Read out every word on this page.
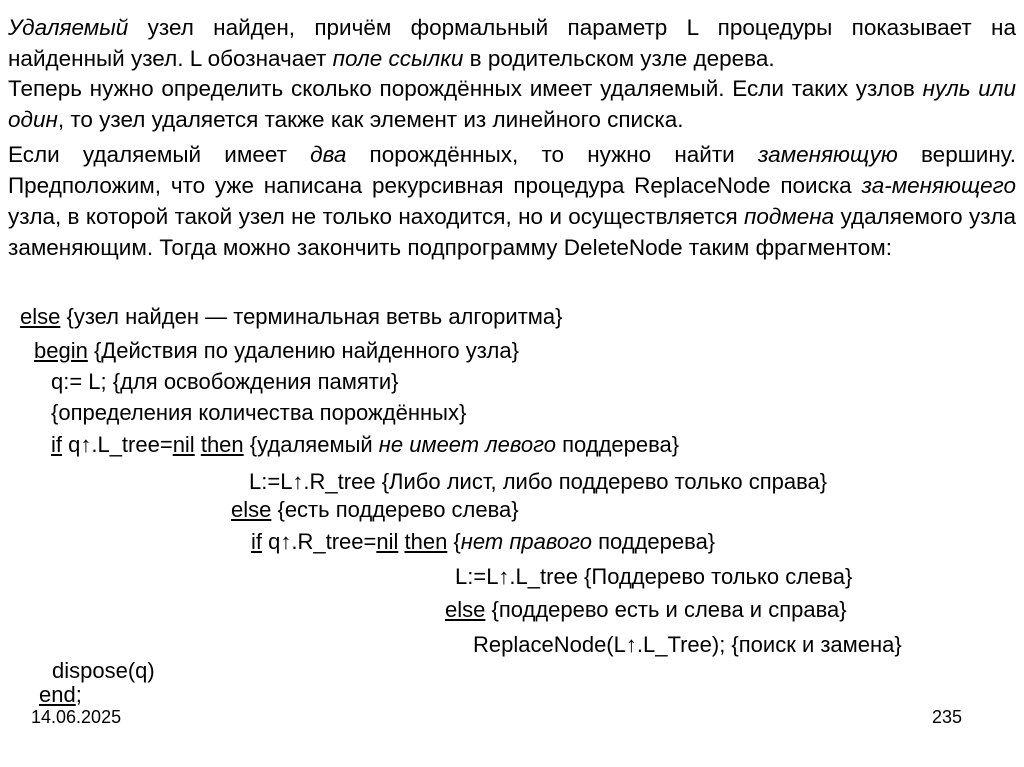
Удаляемый узел найден, причём формальный параметр L процедуры показывает на найденный узел. L обозначает поле ссылки в родительском узле дерева.
Теперь нужно определить сколько порождённых имеет удаляемый. Если таких узлов нуль или один, то узел удаляется также как элемент из линейного списка.
Если удаляемый имеет два порождённых, то нужно найти заменяющую вершину. Предположим, что уже написана рекурсивная процедура ReplaceNode поиска за-меняющего узла, в которой такой узел не только находится, но и осуществляется подмена удаляемого узла заменяющим. Тогда можно закончить подпрограмму DeleteNode таким фрагментом:
else {узел найден — терминальная ветвь алгоритма}
begin {Действия по удалению найденного узла}
q:= L; {для освобождения памяти}
{определения количества порождённых}
if q↑.L_tree=nil then {удаляемый не имеет левого поддерева}
L:=L↑.R_tree {Либо лист, либо поддерево только справа}
else {есть поддерево слева}
if q↑.R_tree=nil then {нет правого поддерева}
L:=L↑.L_tree {Поддерево только слева}
else {поддерево есть и слева и справа}
ReplaceNode(L↑.L_Tree); {поиск и замена}
dispose(q)
end;
14.06.2025	235
